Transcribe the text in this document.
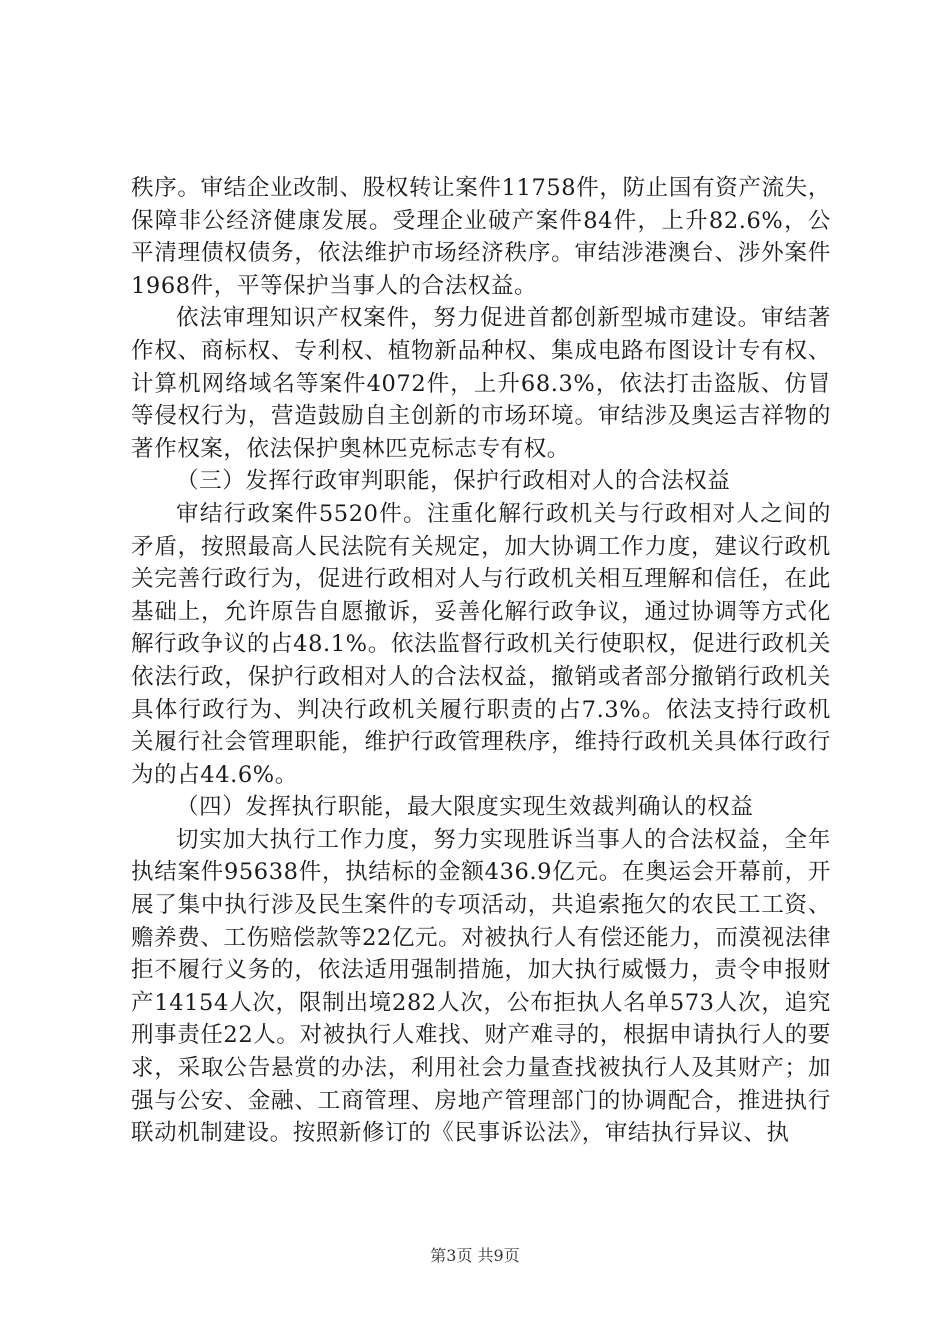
秩序。审结企业改制、股权转让案件11758件，防止国有资产流失，保障非公经济健康发展。受理企业破产案件84件，上升82.6%，公平清理债权债务，依法维护市场经济秩序。审结涉港澳台、涉外案件1968件，平等保护当事人的合法权益。

依法审理知识产权案件，努力促进首都创新型城市建设。审结著作权、商标权、专利权、植物新品种权、集成电路布图设计专有权、计算机网络域名等案件4072件，上升68.3%，依法打击盗版、仿冒等侵权行为，营造鼓励自主创新的市场环境。审结涉及奥运吉祥物的著作权案，依法保护奥林匹克标志专有权。

（三）发挥行政审判职能，保护行政相对人的合法权益

审结行政案件5520件。注重化解行政机关与行政相对人之间的矛盾，按照最高人民法院有关规定，加大协调工作力度，建议行政机关完善行政行为，促进行政相对人与行政机关相互理解和信任，在此基础上，允许原告自愿撤诉，妥善化解行政争议，通过协调等方式化解行政争议的占48.1%。依法监督行政机关行使职权，促进行政机关依法行政，保护行政相对人的合法权益，撤销或者部分撤销行政机关具体行政行为、判决行政机关履行职责的占7.3%。依法支持行政机关履行社会管理职能，维护行政管理秩序，维持行政机关具体行政行为的占44.6%。

（四）发挥执行职能，最大限度实现生效裁判确认的权益

切实加大执行工作力度，努力实现胜诉当事人的合法权益，全年执结案件95638件，执结标的金额436.9亿元。在奥运会开幕前，开展了集中执行涉及民生案件的专项活动，共追索拖欠的农民工工资、赡养费、工伤赔偿款等22亿元。对被执行人有偿还能力，而漠视法律拒不履行义务的，依法适用强制措施，加大执行威慑力，责令申报财产14154人次，限制出境282人次，公布拒执人名单573人次，追究刑事责任22人。对被执行人难找、财产难寻的，根据申请执行人的要求，采取公告悬赏的办法，利用社会力量查找被执行人及其财产；加强与公安、金融、工商管理、房地产管理部门的协调配合，推进执行联动机制建设。按照新修订的《民事诉讼法》，审结执行异议、执

第3页 共9页
